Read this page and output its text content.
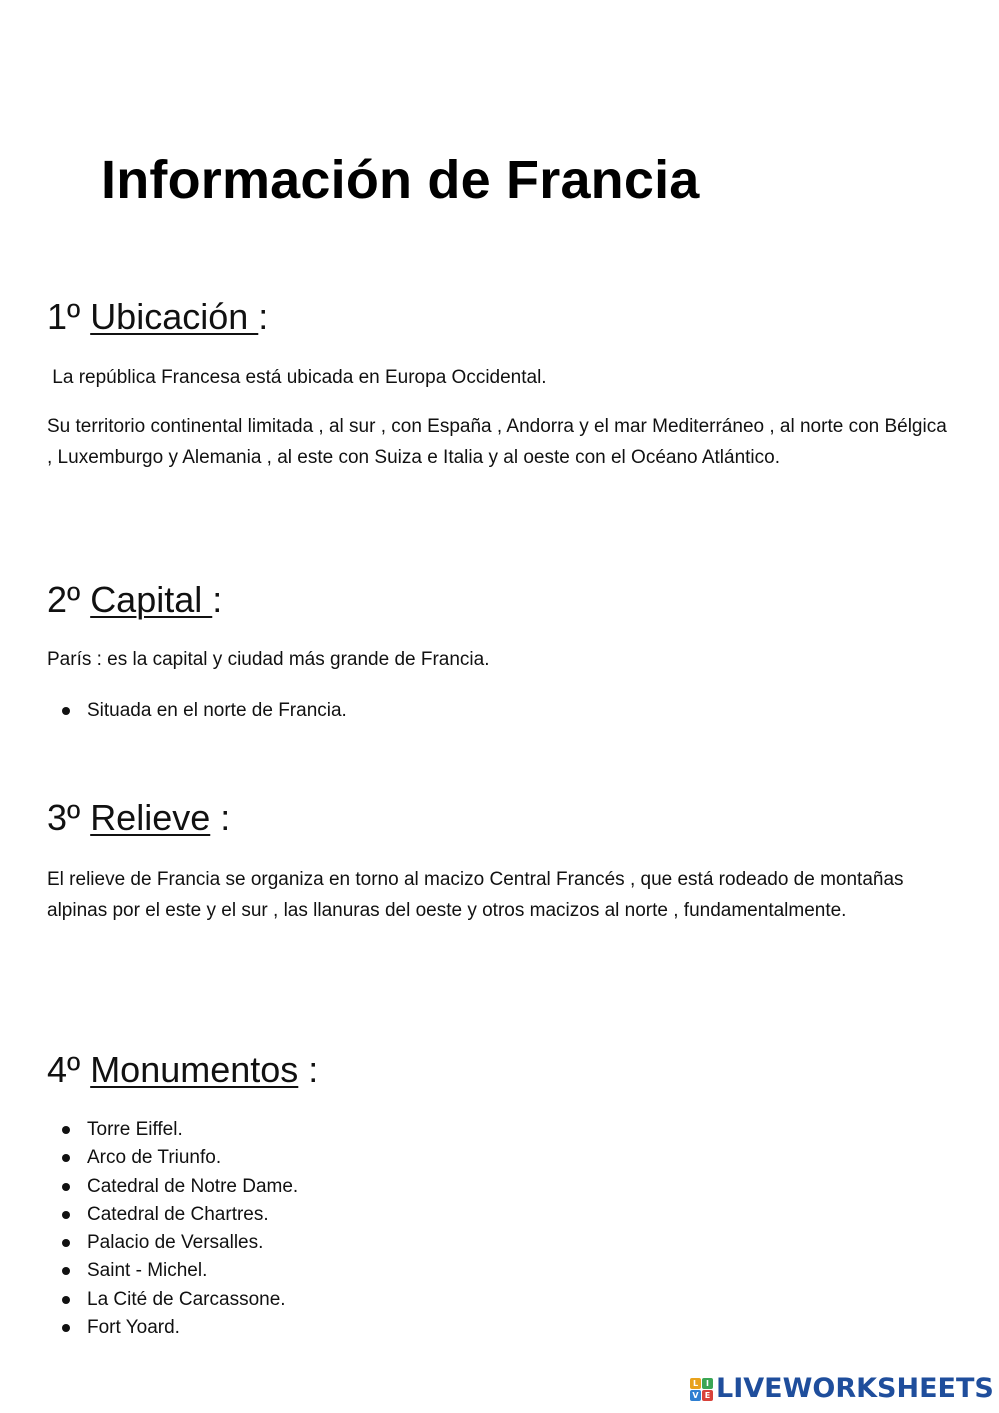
Información de Francia
1º Ubicación :

La república Francesa está ubicada en Europa Occidental.

Su territorio continental limitada , al sur , con España , Andorra y el mar Mediterráneo , al norte con Bélgica , Luxemburgo y Alemania , al este con Suiza e Italia y al oeste con el Océano Atlántico.

2º Capital :

París : es la capital y ciudad más grande de Francia.

Situada en el norte de Francia.
3º Relieve :

El relieve de Francia se organiza en torno al macizo Central Francés , que está rodeado de montañas alpinas por el este y el sur , las llanuras del oeste y otros macizos al norte , fundamentalmente.

4º Monumentos :
Torre Eiffel.
Arco de Triunfo.
Catedral de Notre Dame.
Catedral de Chartres.
Palacio de Versalles.
Saint - Michel.
La Cité de Carcassone.
Fort Yoard.
L I
V E LIVEWORKSHEETS
